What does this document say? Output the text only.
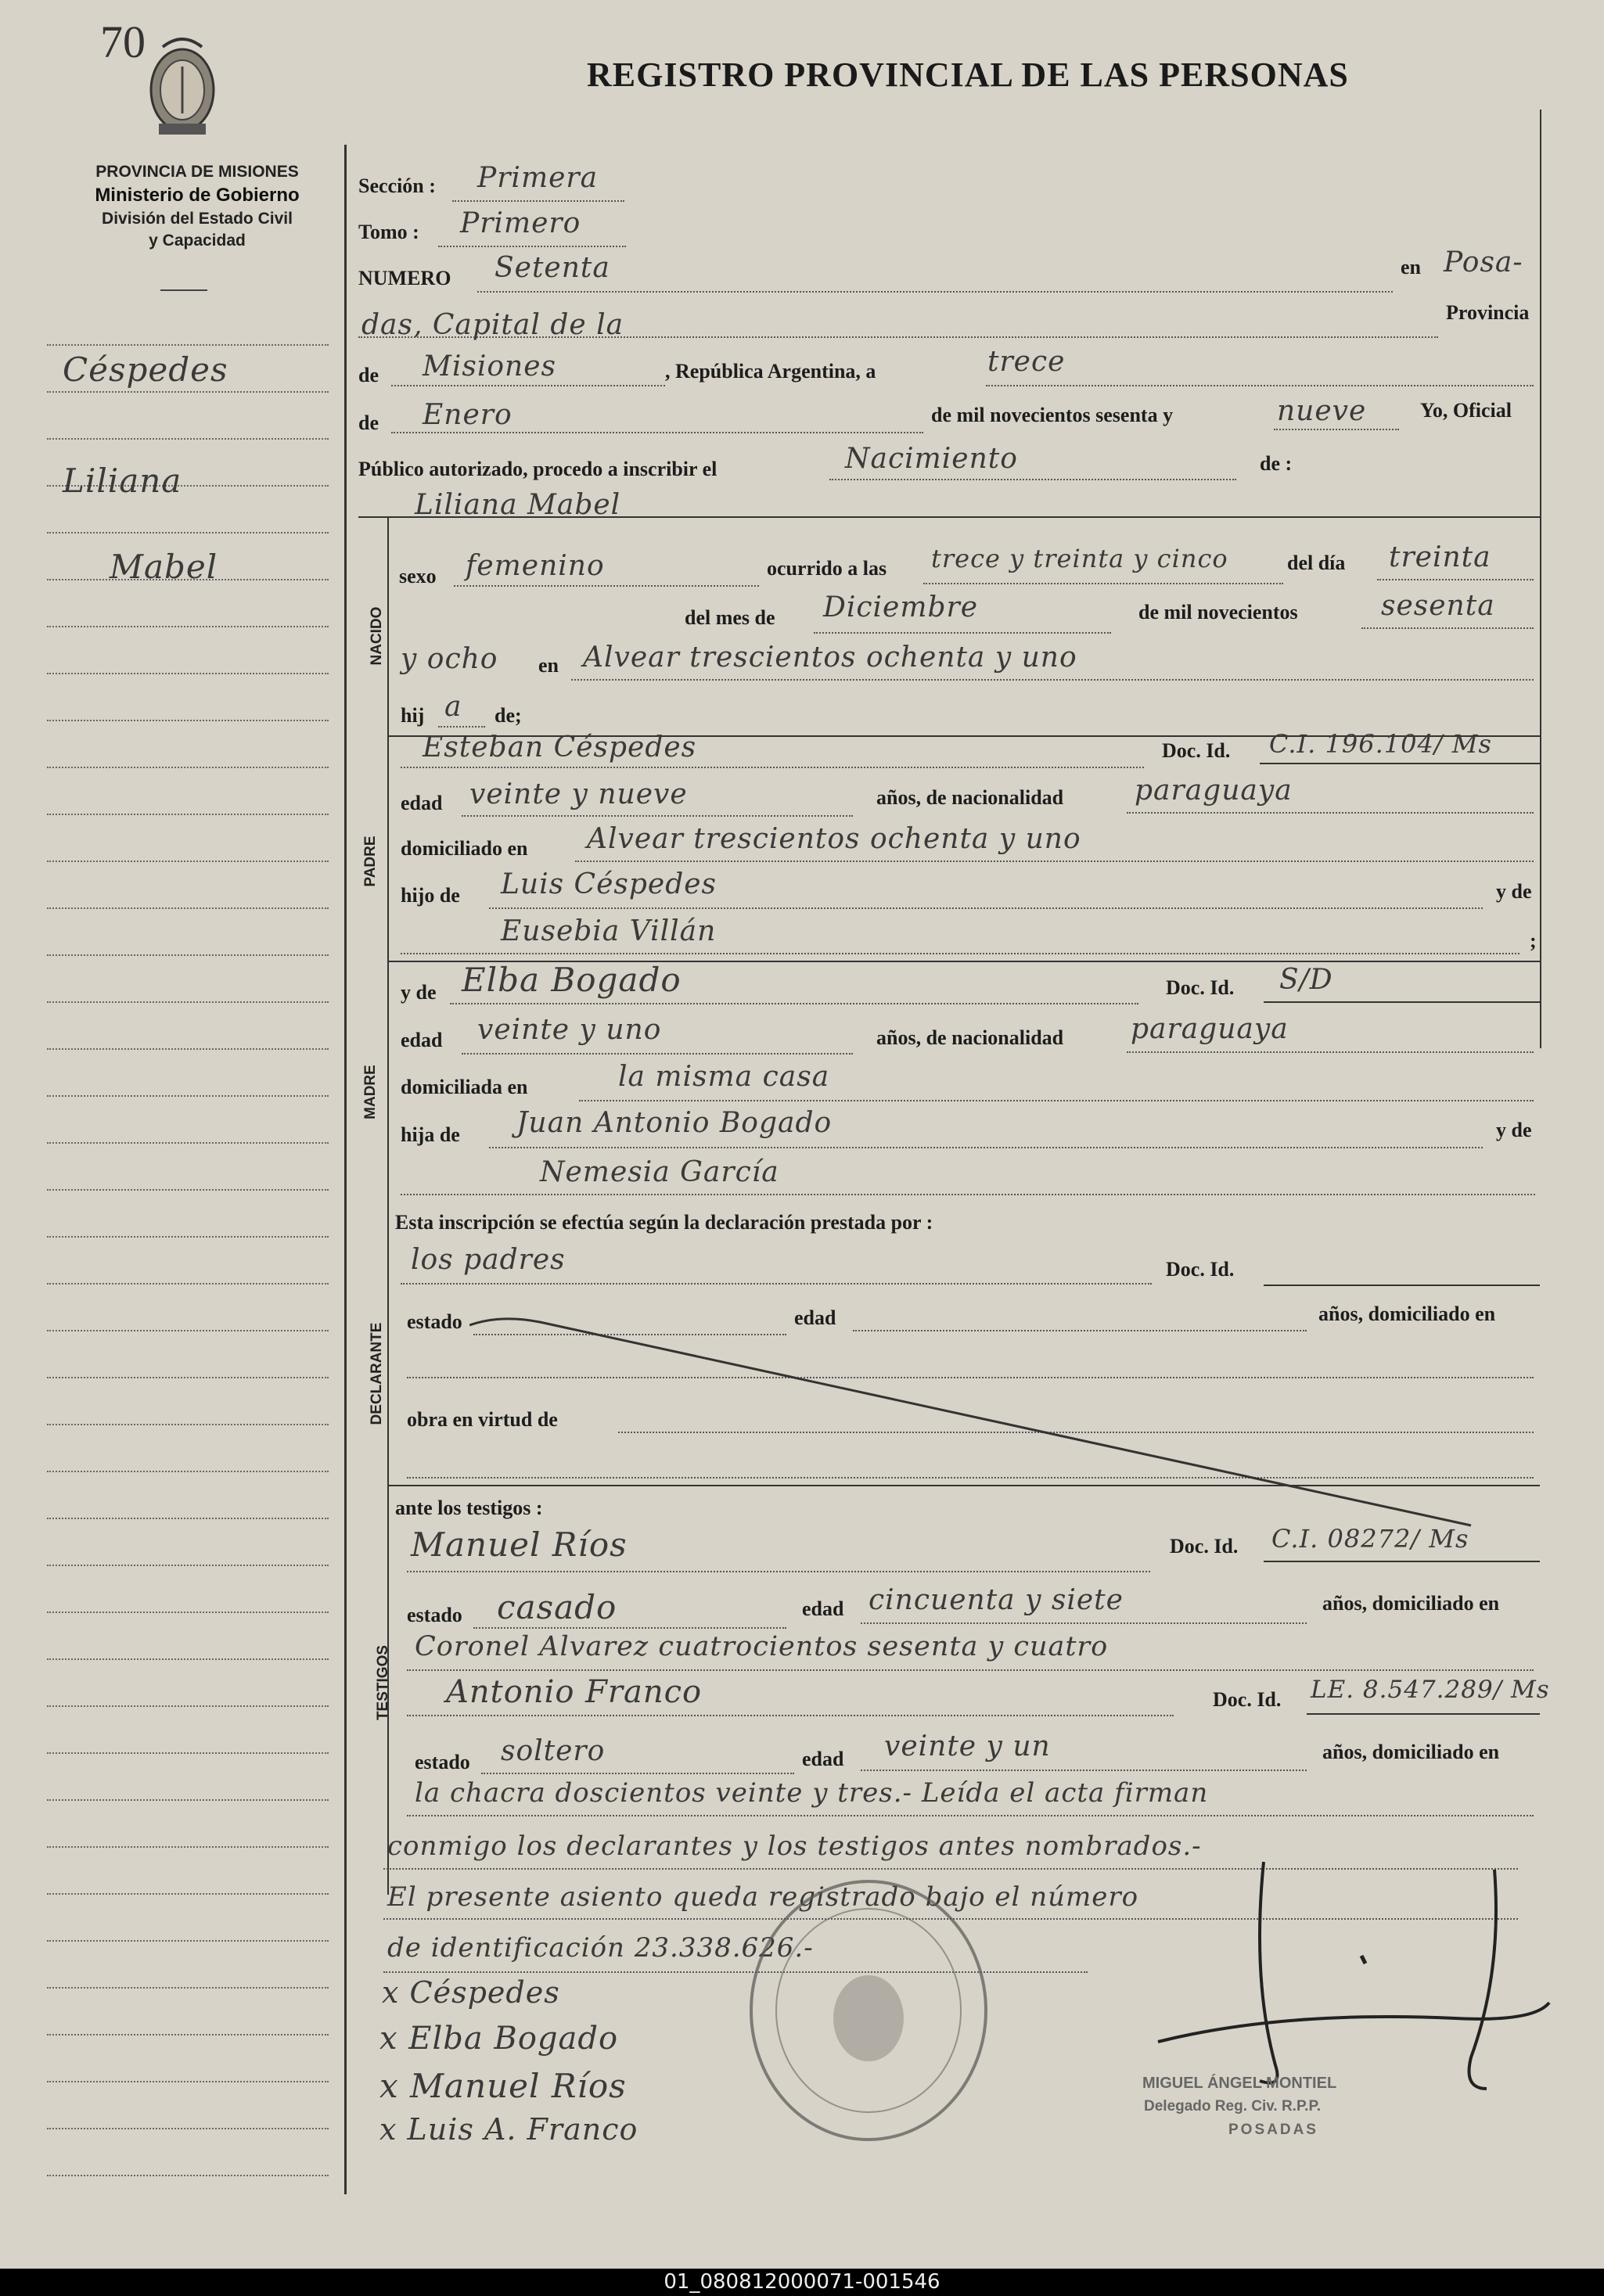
70
PROVINCIA DE MISIONES
Ministerio de Gobierno
División del Estado Civil
y Capacidad
REGISTRO PROVINCIAL DE LAS PERSONAS
Céspedes
Liliana
Mabel
Sección : Primera
Tomo : Primero
NUMERO Setenta	en Posa-
das, Capital de la	Provincia
de Misiones	, República Argentina, a	trece
de Enero	de mil novecientos sesenta y	nueve	Yo, Oficial
Público autorizado, procedo a inscribir el	Nacimiento	de :
Liliana Mabel
NACIDO
sexo femenino	ocurrido a las trece y treinta y cinco	del día treinta
del mes de Diciembre	de mil novecientos	sesenta
y ocho en Alvear trescientos ochenta y uno
hij a de;
PADRE
Esteban Céspedes	Doc. Id. C.I. 196.104/ Ms
edad veinte y nueve	años, de nacionalidad	paraguaya
domiciliado en Alvear trescientos ochenta y uno
hijo de Luis Céspedes	y de
Eusebia Villán	;
MADRE
y de Elba Bogado	Doc. Id. S/D
edad veinte y uno	años, de nacionalidad paraguaya
domiciliada en	la misma casa
hija de Juan Antonio Bogado	y de
Nemesia García
Esta inscripción se efectúa según la declaración prestada por :
los padres	Doc. Id.
DECLARANTE
estado	edad	años, domiciliado en
obra en virtud de
ante los testigos :
Manuel Ríos	Doc. Id. C.I. 08272/ Ms
TESTIGOS
estado casado	edad cincuenta y siete	años, domiciliado en
Coronel Alvarez cuatrocientos sesenta y cuatro
Antonio Franco	Doc. Id. LE. 8.547.289/ Ms
estado soltero	edad veinte y un	años, domiciliado en
la chacra doscientos veinte y tres.- Leída el acta firman
conmigo los declarantes y los testigos antes nombrados.-
El presente asiento queda registrado bajo el número
de identificación 23.338.626.-
x Céspedes
x Elba Bogado
x Manuel Ríos
x Luis A. Franco
MIGUEL ÁNGEL MONTIEL
Delegado Reg. Civ. R.P.P.
POSADAS
01_080812000071-001546
